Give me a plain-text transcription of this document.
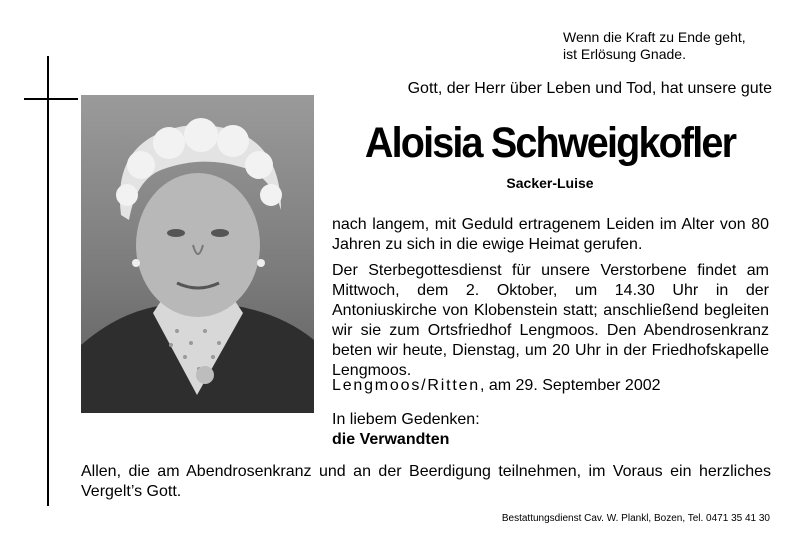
Wenn die Kraft zu Ende geht,
ist Erlösung Gnade.
Gott, der Herr über Leben und Tod, hat unsere gute
Aloisia Schweigkofler
Sacker-Luise
nach langem, mit Geduld ertragenem Leiden im Alter von 80 Jahren zu sich in die ewige Heimat gerufen.
Der Sterbegottesdienst für unsere Verstorbene findet am Mittwoch, dem 2. Oktober, um 14.30 Uhr in der Antoniuskirche von Klobenstein statt; anschließend begleiten wir sie zum Ortsfriedhof Lengmoos. Den Abendrosenkranz beten wir heute, Dienstag, um 20 Uhr in der Friedhofskapelle Lengmoos.
Lengmoos/Ritten, am 29. September 2002
In liebem Gedenken:
die Verwandten
Allen, die am Abendrosenkranz und an der Beerdigung teilnehmen, im Voraus ein herzliches Vergelt’s Gott.
Bestattungsdienst Cav. W. Plankl, Bozen, Tel. 0471 35 41 30
